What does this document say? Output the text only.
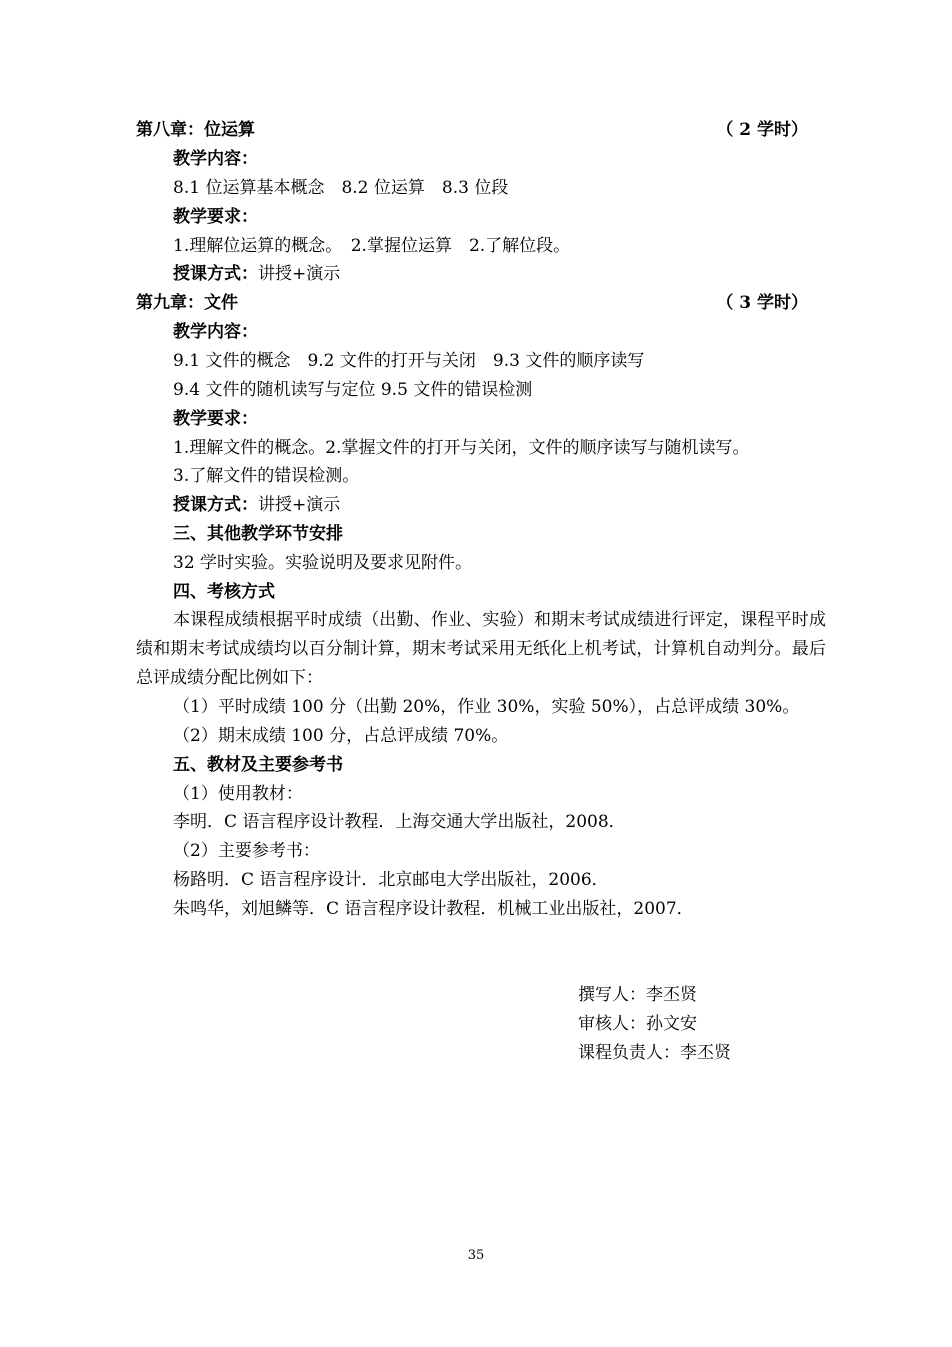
第八章：位运算	（ 2 学时）
教学内容：
8.1 位运算基本概念　8.2 位运算　8.3 位段
教学要求：
1.理解位运算的概念。　2.掌握位运算　2.了解位段。
授课方式：讲授+演示
第九章：文件	（ 3 学时）
教学内容：
9.1 文件的概念　9.2 文件的打开与关闭　9.3 文件的顺序读写
9.4 文件的随机读写与定位 9.5 文件的错误检测
教学要求：
1.理解文件的概念。2.掌握文件的打开与关闭，文件的顺序读写与随机读写。
3.了解文件的错误检测。
授课方式：讲授+演示
三、其他教学环节安排
32 学时实验。实验说明及要求见附件。
四、考核方式
本课程成绩根据平时成绩（出勤、作业、实验）和期末考试成绩进行评定，课程平时成绩和期末考试成绩均以百分制计算，期末考试采用无纸化上机考试，计算机自动判分。最后总评成绩分配比例如下：
（1）平时成绩 100 分（出勤 20%，作业 30%，实验 50%），占总评成绩 30%。
（2）期末成绩 100 分，占总评成绩 70%。
五、教材及主要参考书
（1）使用教材：
李明．C 语言程序设计教程．上海交通大学出版社，2008．
（2）主要参考书：
杨路明．C 语言程序设计．北京邮电大学出版社，2006．
朱鸣华，刘旭鳞等．C 语言程序设计教程．机械工业出版社，2007．
撰写人：李丕贤
审核人：孙文安
课程负责人：李丕贤
35
